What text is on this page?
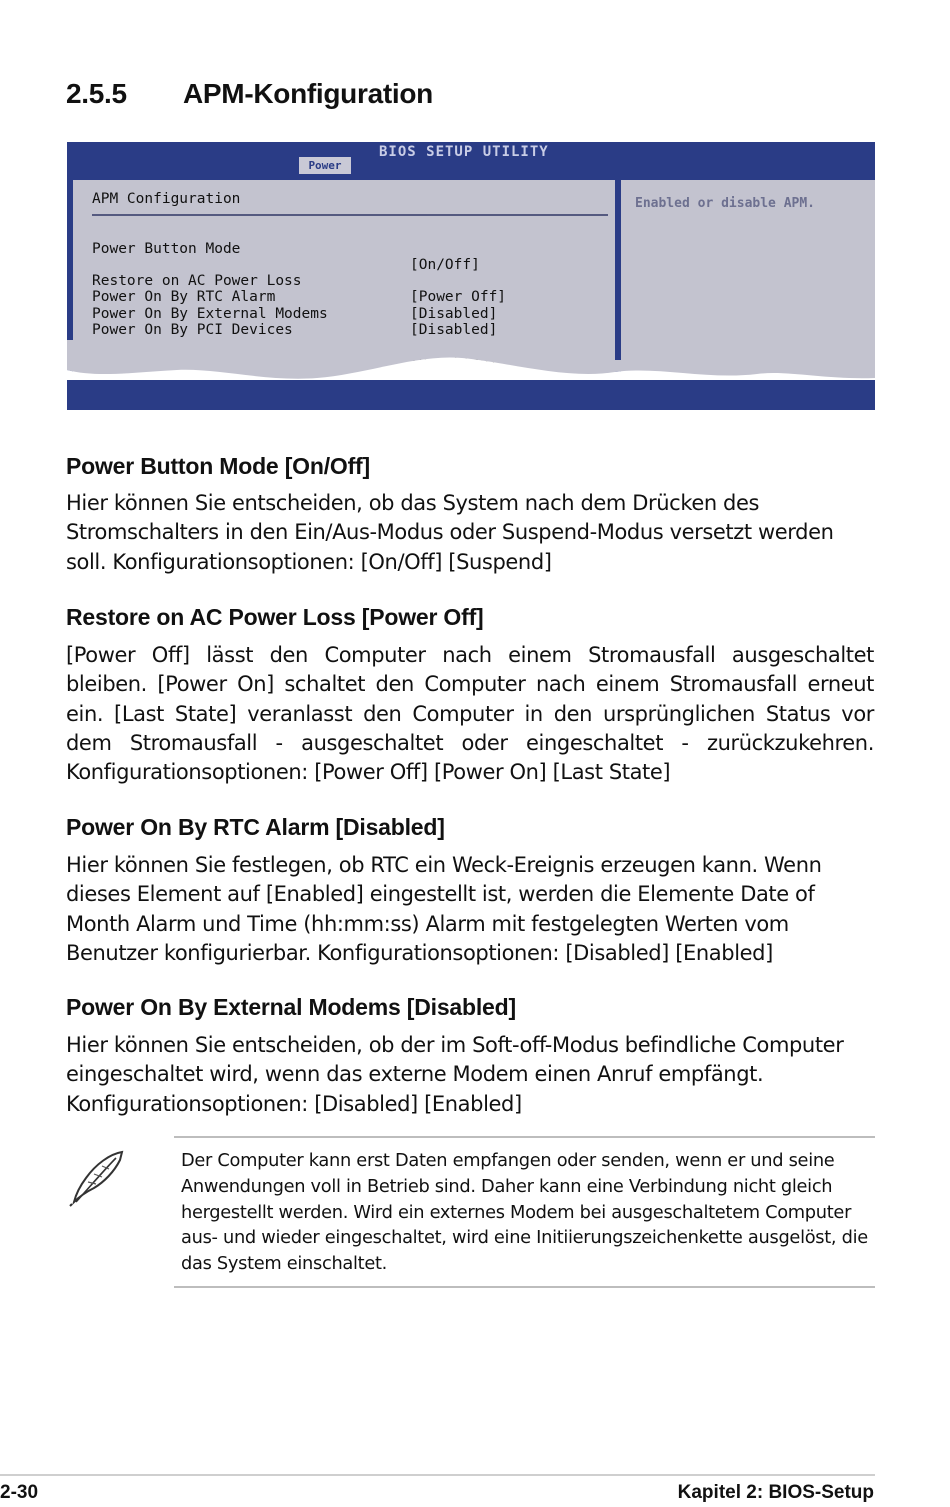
2.5.5 APM-Konfiguration
BIOS SETUP UTILITY
Power
APM Configuration

Power Button Mode

[On/Off]

Restore on AC Power Loss

[Power Off]

Power On By RTC Alarm

[Disabled]

Power On By External Modems

[Disabled]

Power On By PCI Devices

Enabled or disable APM.
Power Button Mode [On/Off]
Hier können Sie entscheiden, ob das System nach dem Drücken des Stromschalters in den Ein/Aus-Modus oder Suspend-Modus versetzt werden soll. Konfigurationsoptionen: [On/Off] [Suspend]
Restore on AC Power Loss [Power Off]
[Power Off] lässt den Computer nach einem Stromausfall ausgeschaltet bleiben. [Power On] schaltet den Computer nach einem Stromausfall erneut ein. [Last State] veranlasst den Computer in den ursprünglichen Status vor dem Stromausfall - ausgeschaltet oder eingeschaltet - zurückzukehren. Konfigurationsoptionen: [Power Off] [Power On] [Last State]
Power On By RTC Alarm [Disabled]
Hier können Sie festlegen, ob RTC ein Weck-Ereignis erzeugen kann. Wenn dieses Element auf [Enabled] eingestellt ist, werden die Elemente Date of Month Alarm und Time (hh:mm:ss) Alarm mit festgelegten Werten vom Benutzer konfigurierbar. Konfigurationsoptionen: [Disabled] [Enabled]
Power On By External Modems [Disabled]
Hier können Sie entscheiden, ob der im Soft-off-Modus befindliche Computer eingeschaltet wird, wenn das externe Modem einen Anruf empfängt. Konfigurationsoptionen: [Disabled] [Enabled]
Der Computer kann erst Daten empfangen oder senden, wenn er und seine Anwendungen voll in Betrieb sind. Daher kann eine Verbindung nicht gleich hergestellt werden. Wird ein externes Modem bei ausgeschaltetem Computer aus- und wieder eingeschaltet, wird eine Initiierungszeichenkette ausgelöst, die das System einschaltet.
2-30	Kapitel 2: BIOS-Setup
